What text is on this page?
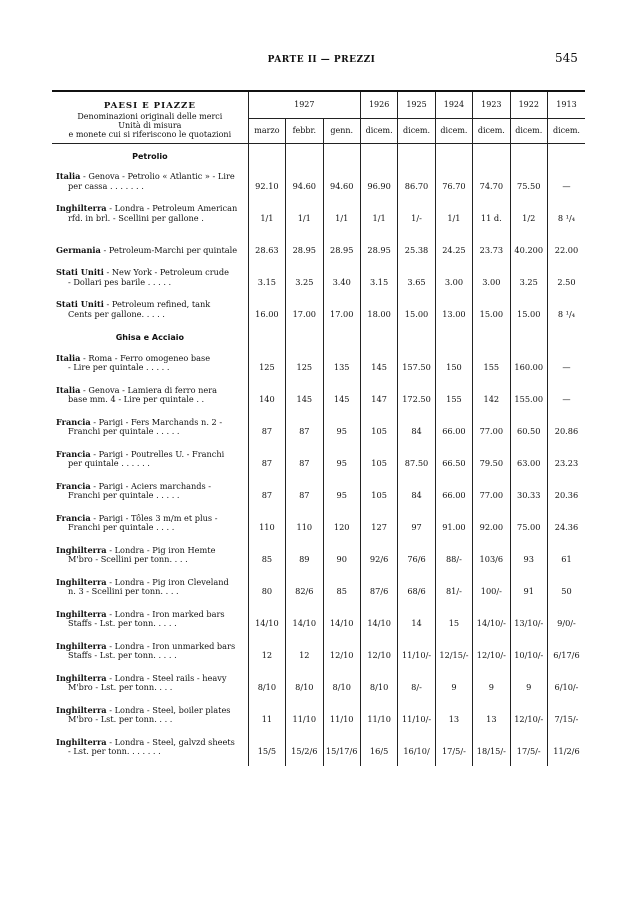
PARTE II — PREZZI	545

PAESI E PIAZZE
Denominazioni originali delle merci
Unità di misura
e monete cui si riferiscono le quotazioni	1927			1926	1925	1924	1923	1922	1913
	marzo	febbr.	genn.	dicem.	dicem.	dicem.	dicem.	dicem.	dicem.
Petrolio									
Italia - Genova - Petrolio « Atlantic » - Lire
per cassa . . . . . . .	92.10	94.60	94.60	96.90	86.70	76.70	74.70	75.50	—
Inghilterra - Londra - Petroleum American
rfd. in brl. - Scellini per gallone .	1/1	1/1	1/1	1/1	1/-	1/1	11 d.	1/2	8 ¹/₄
Germania - Petroleum-Marchi per quintale	28.63	28.95	28.95	28.95	25.38	24.25	23.73	40.200	22.00
Stati Uniti - New York - Petroleum crude
- Dollari pes barile . . . . .	3.15	3.25	3.40	3.15	3.65	3.00	3.00	3.25	2.50
Stati Uniti - Petroleum refined, tank
Cents per gallone. . . . .	16.00	17.00	17.00	18.00	15.00	13.00	15.00	15.00	8 ¹/₄
Ghisa e Acciaio									
Italia - Roma - Ferro omogeneo base
- Lire per quintale . . . . .	125	125	135	145	157.50	150	155	160.00	—
Italia - Genova - Lamiera di ferro nera
base mm. 4 - Lire per quintale . .	140	145	145	147	172.50	155	142	155.00	—
Francia - Parigi - Fers Marchands n. 2 -
Franchi per quintale . . . . .	87	87	95	105	84	66.00	77.00	60.50	20.86
Francia - Parigi - Poutrelles U. - Franchi
per quintale . . . . . .	87	87	95	105	87.50	66.50	79.50	63.00	23.23
Francia - Parigi - Aciers marchands -
Franchi per quintale . . . . .	87	87	95	105	84	66.00	77.00	30.33	20.36
Francia - Parigi - Tôles 3 m/m et plus -
Franchi per quintale . . . .	110	110	120	127	97	91.00	92.00	75.00	24.36
Inghilterra - Londra - Pig iron Hemte
M'bro - Scellini per tonn. . . .	85	89	90	92/6	76/6	88/-	103/6	93	61
Inghilterra - Londra - Pig iron Cleveland
n. 3 - Scellini per tonn. . . .	80	82/6	85	87/6	68/6	81/-	100/-	91	50
Inghilterra - Londra - Iron marked bars
Staffs - Lst. per tonn. . . . .	14/10	14/10	14/10	14/10	14	15	14/10/-	13/10/-	9/0/-
Inghilterra - Londra - Iron unmarked bars
Staffs - Lst. per tonn. . . . .	12	12	12/10	12/10	11/10/-	12/15/-	12/10/-	10/10/-	6/17/6
Inghilterra - Londra - Steel rails - heavy
M'bro - Lst. per tonn. . . .	8/10	8/10	8/10	8/10	8/-	9	9	9	6/10/-
Inghilterra - Londra - Steel, boiler plates
M'bro - Lst. per tonn. . . .	11	11/10	11/10	11/10	11/10/-	13	13	12/10/-	7/15/-
Inghilterra - Londra - Steel, galvzd sheets
- Lst. per tonn. . . . . . .	15/5	15/2/6	15/17/6	16/5	16/10/	17/5/-	18/15/-	17/5/-	11/2/6
